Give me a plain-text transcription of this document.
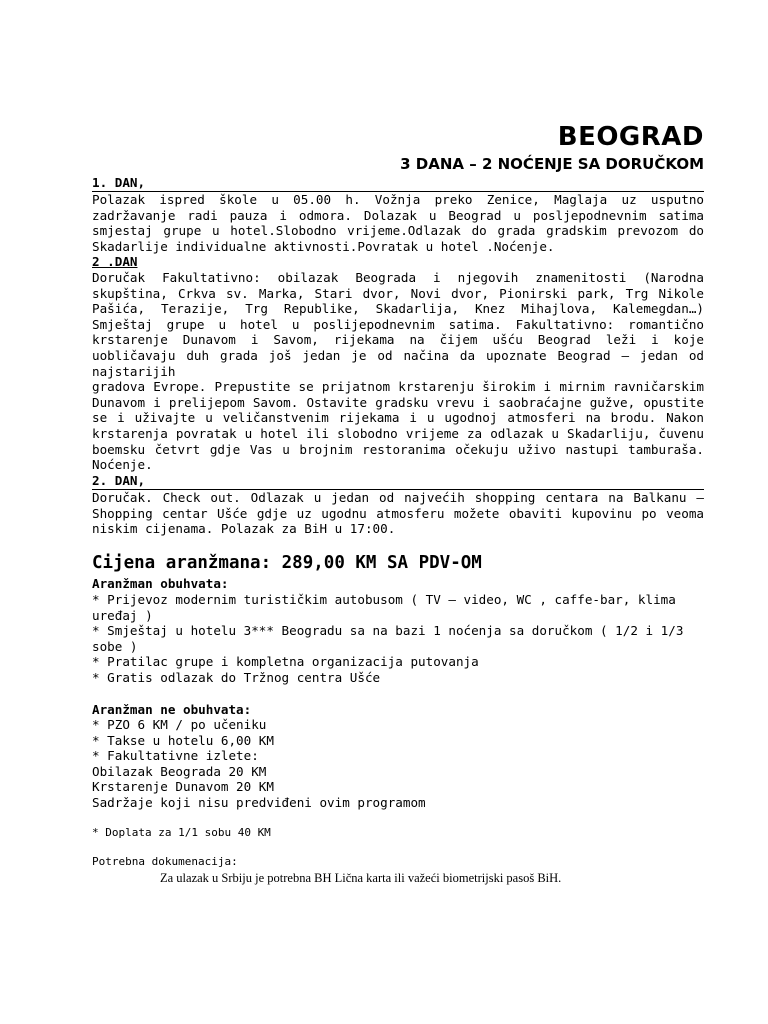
BEOGRAD
3 DANA – 2 NOĆENJE SA DORUČKOM
1. DAN,

Polazak ispred škole u 05.00 h. Vožnja preko Zenice, Maglaja uz usputno zadržavanje radi pauza i odmora. Dolazak u Beograd u posljepodnevnim satima smjestaj grupe u hotel.Slobodno vrijeme.Odlazak do grada gradskim prevozom do Skadarlije individualne aktivnosti.Povratak u hotel .Noćenje.

2 .DAN

Doručak Fakultativno: obilazak Beograda i njegovih znamenitosti (Narodna skupština, Crkva sv. Marka, Stari dvor, Novi dvor, Pionirski park, Trg Nikole Pašića, Terazije, Trg Republike, Skadarlija, Knez Mihajlova, Kalemegdan…) Smještaj grupe u hotel u poslijepodnevnim satima. Fakultativno: romantično krstarenje Dunavom i Savom, rijekama na čijem ušću Beograd leži i koje uobličavaju duh grada još jedan je od načina da upoznate Beograd – jedan od najstarijih

gradova Evrope. Prepustite se prijatnom krstarenju širokim i mirnim ravničarskim Dunavom i prelijepom Savom. Ostavite gradsku vrevu i saobraćajne gužve, opustite se i uživajte u veličanstvenim rijekama i u ugodnoj atmosferi na brodu. Nakon krstarenja povratak u hotel ili slobodno vrijeme za odlazak u Skadarliju, čuvenu boemsku četvrt gdje Vas u brojnim restoranima očekuju uživo nastupi tamburaša. Noćenje.

2. DAN,

Doručak. Check out. Odlazak u jedan od najvećih shopping centara na Balkanu – Shopping centar Ušće gdje uz ugodnu atmosferu možete obaviti kupovinu po veoma niskim cijenama. Polazak za BiH u 17:00.

Cijena aranžmana: 289,00 KM SA PDV-OM
Aranžman obuhvata:
* Prijevoz modernim turističkim autobusom ( TV – video, WC , caffe-bar, klima uređaj )
* Smještaj u hotelu 3*** Beogradu sa na bazi 1 noćenja sa doručkom ( 1/2 i 1/3 sobe )
* Pratilac grupe i kompletna organizacija putovanja
* Gratis odlazak do Tržnog centra Ušće
Aranžman ne obuhvata:
* PZO 6 KM / po učeniku
* Takse u hotelu 6,00 KM
* Fakultativne izlete:
Obilazak Beograda 20 KM
Krstarenje Dunavom 20 KM
Sadržaje koji nisu predviđeni ovim programom
* Doplata za 1/1 sobu 40 KM
Potrebna dokumenacija:
Za ulazak u Srbiju je potrebna BH Lična karta ili važeći biometrijski pasoš BiH.
